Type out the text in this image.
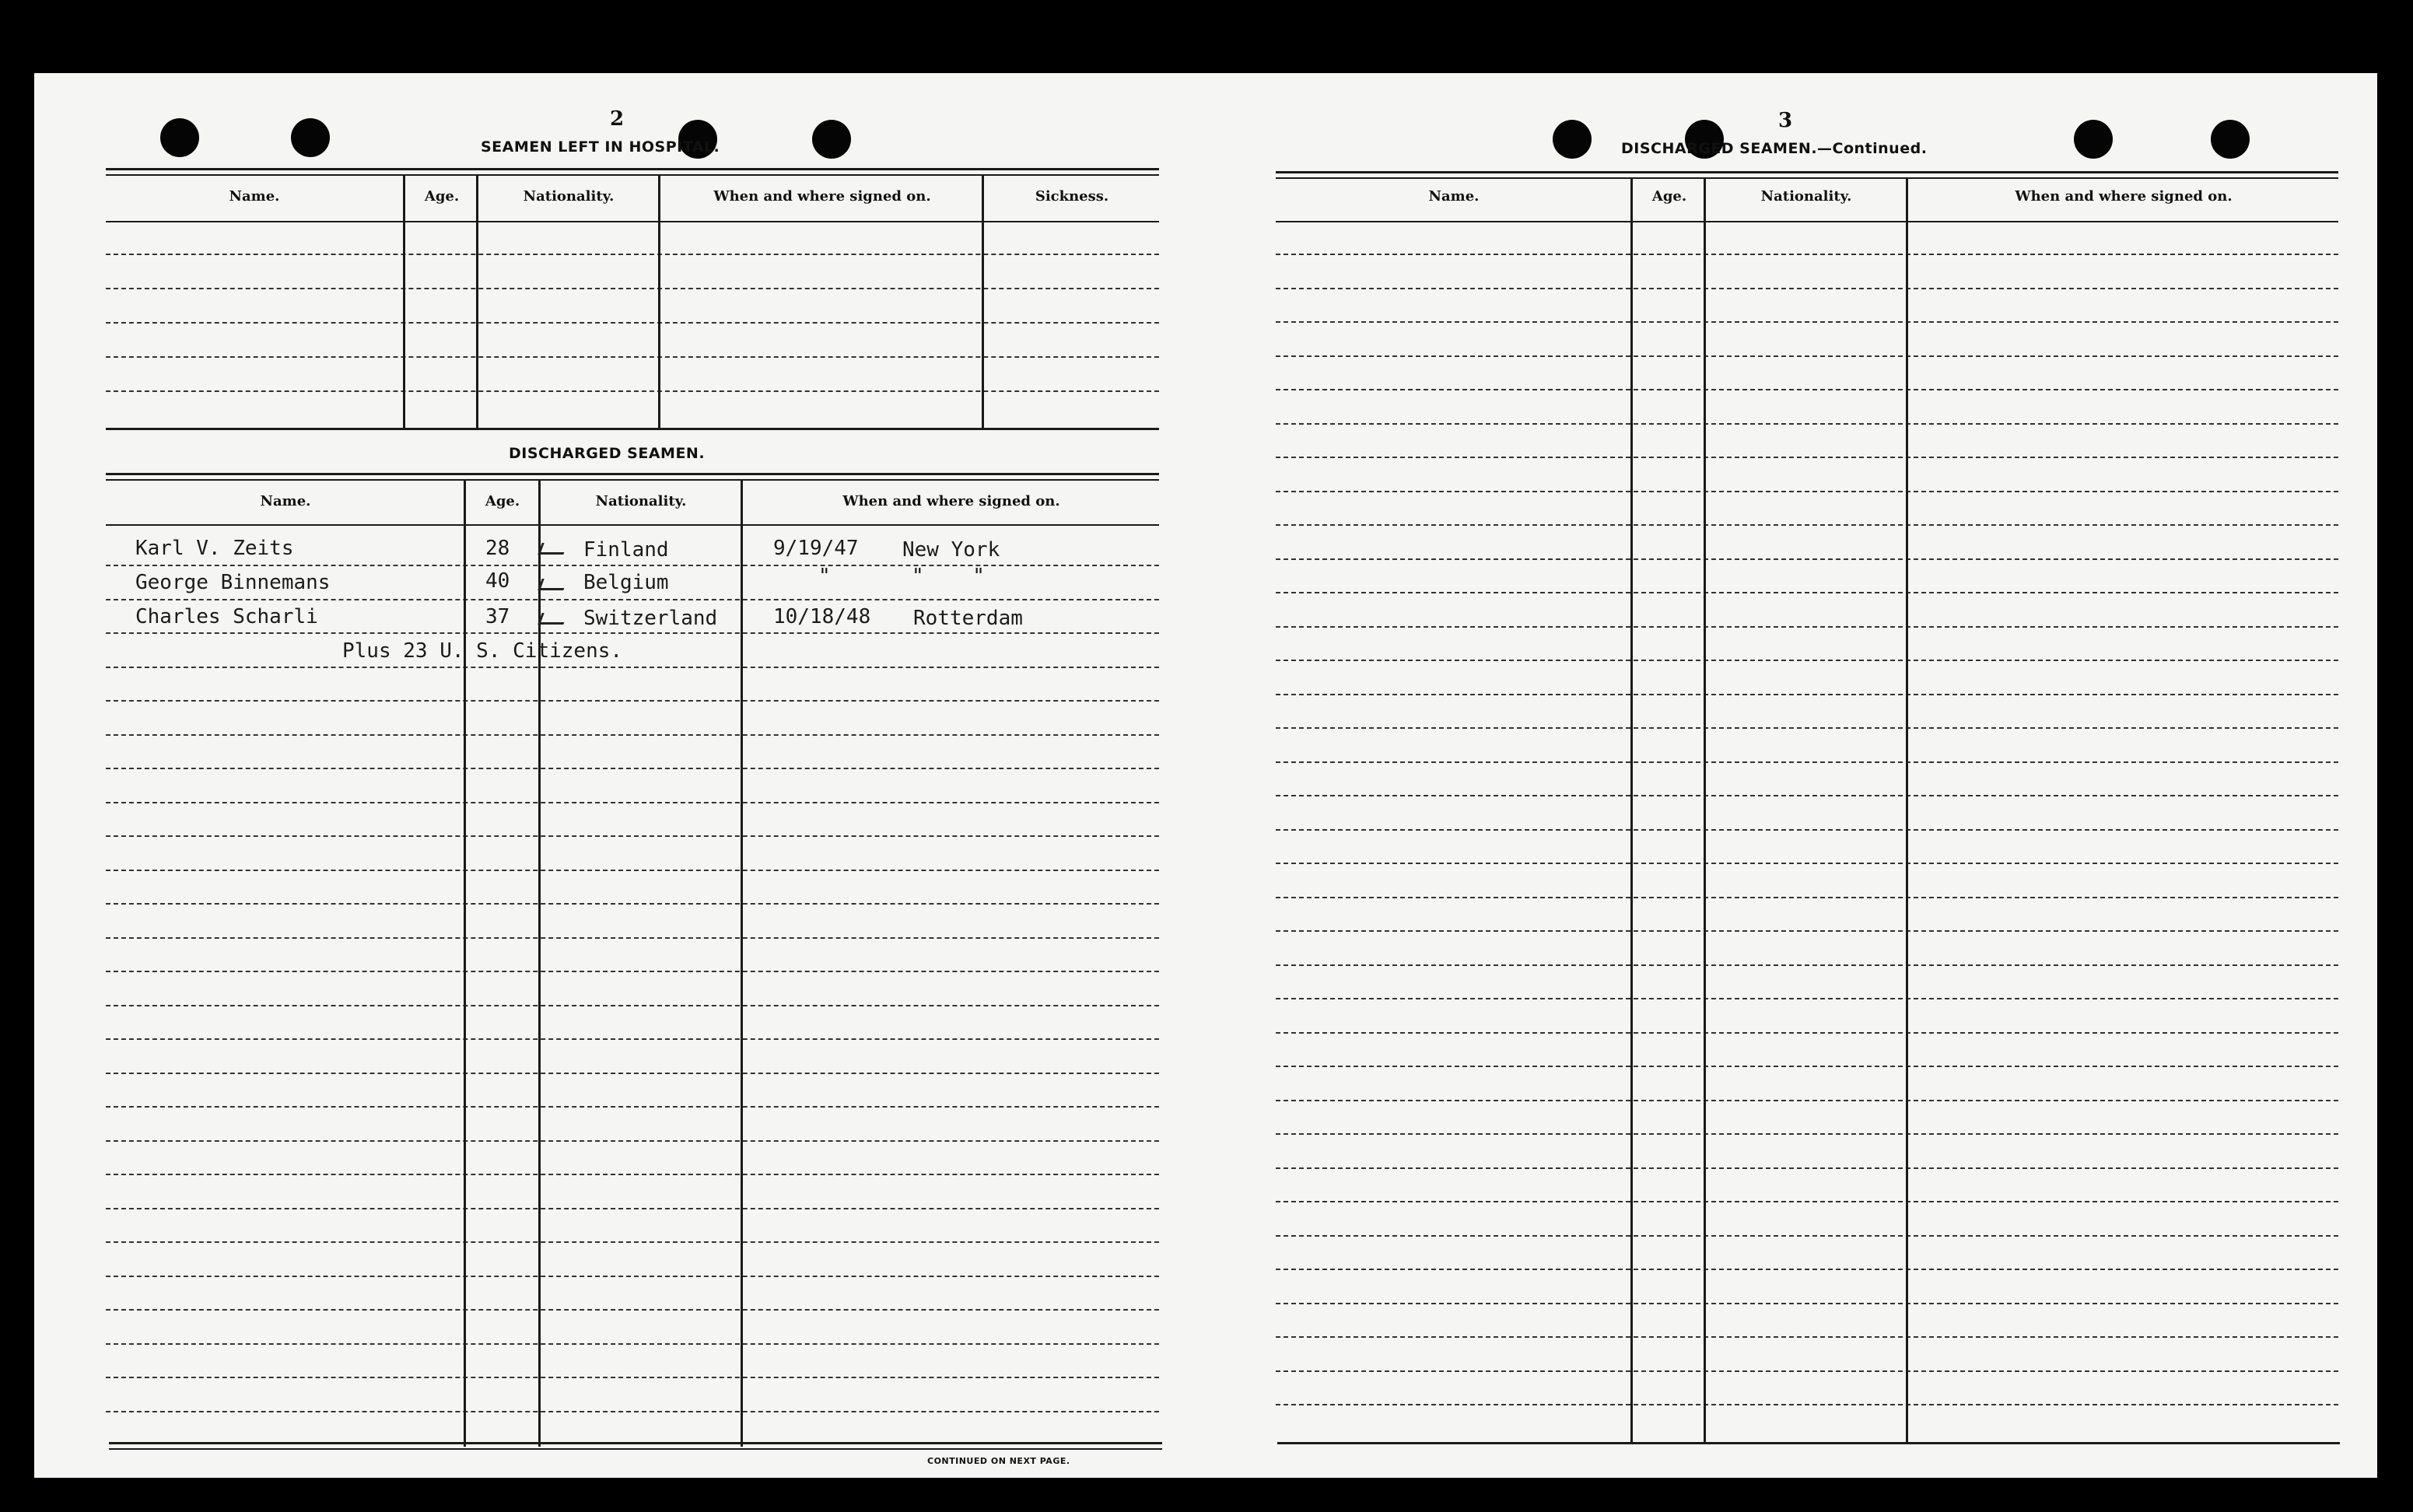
2
SEAMEN LEFT IN HOSPITAL.
Name.	Age.	Nationality.	When and where signed on.	Sickness.
DISCHARGED SEAMEN.
Name.	Age.	Nationality.	When and where signed on.
Karl V. Zeits	28	Finland	9/19/47 New York
George Binnemans	40	Belgium	"	"    "
Charles Scharli	37	Switzerland	10/18/48 Rotterdam
Plus 23 U. S. Citizens.
CONTINUED ON NEXT PAGE.
3
DISCHARGED SEAMEN.—Continued.
Name.	Age.	Nationality.	When and where signed on.
